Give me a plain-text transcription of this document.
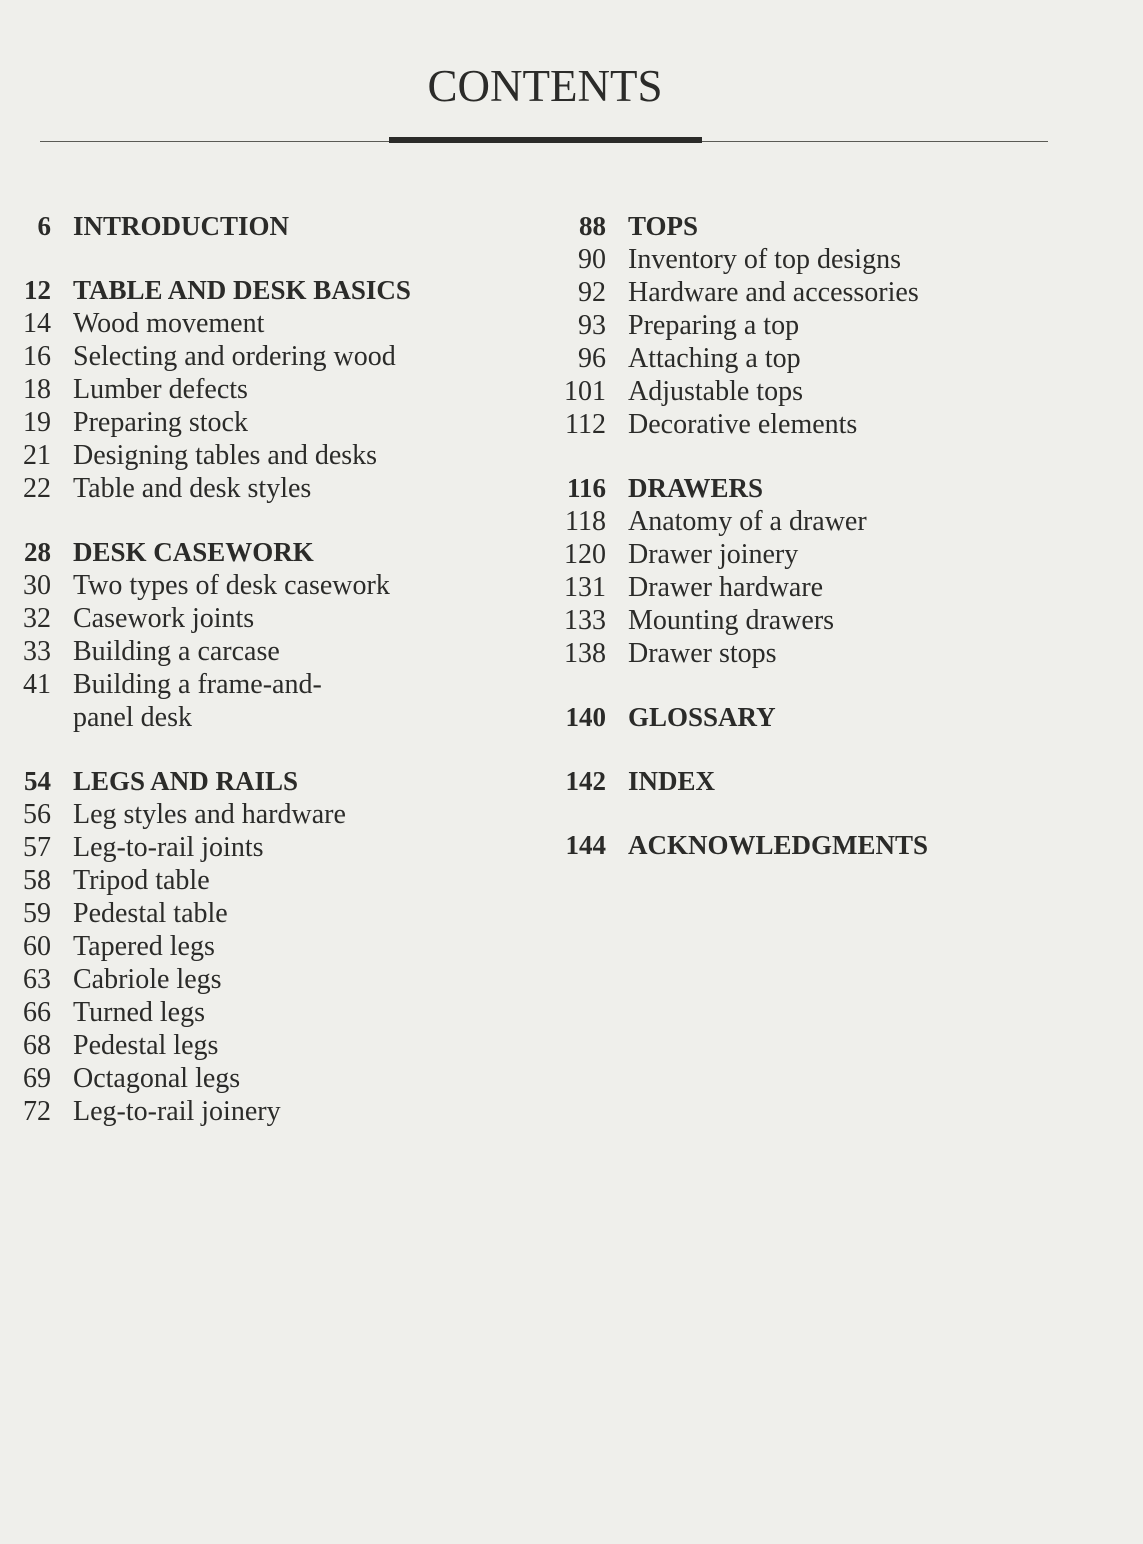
CONTENTS
6 INTRODUCTION
12 TABLE AND DESK BASICS
14 Wood movement
16 Selecting and ordering wood
18 Lumber defects
19 Preparing stock
21 Designing tables and desks
22 Table and desk styles
28 DESK CASEWORK
30 Two types of desk casework
32 Casework joints
33 Building a carcase
41 Building a frame-and-
panel desk
54 LEGS AND RAILS
56 Leg styles and hardware
57 Leg-to-rail joints
58 Tripod table
59 Pedestal table
60 Tapered legs
63 Cabriole legs
66 Turned legs
68 Pedestal legs
69 Octagonal legs
72 Leg-to-rail joinery
88 TOPS
90 Inventory of top designs
92 Hardware and accessories
93 Preparing a top
96 Attaching a top
101 Adjustable tops
112 Decorative elements
116 DRAWERS
118 Anatomy of a drawer
120 Drawer joinery
131 Drawer hardware
133 Mounting drawers
138 Drawer stops
140 GLOSSARY
142 INDEX
144 ACKNOWLEDGMENTS
